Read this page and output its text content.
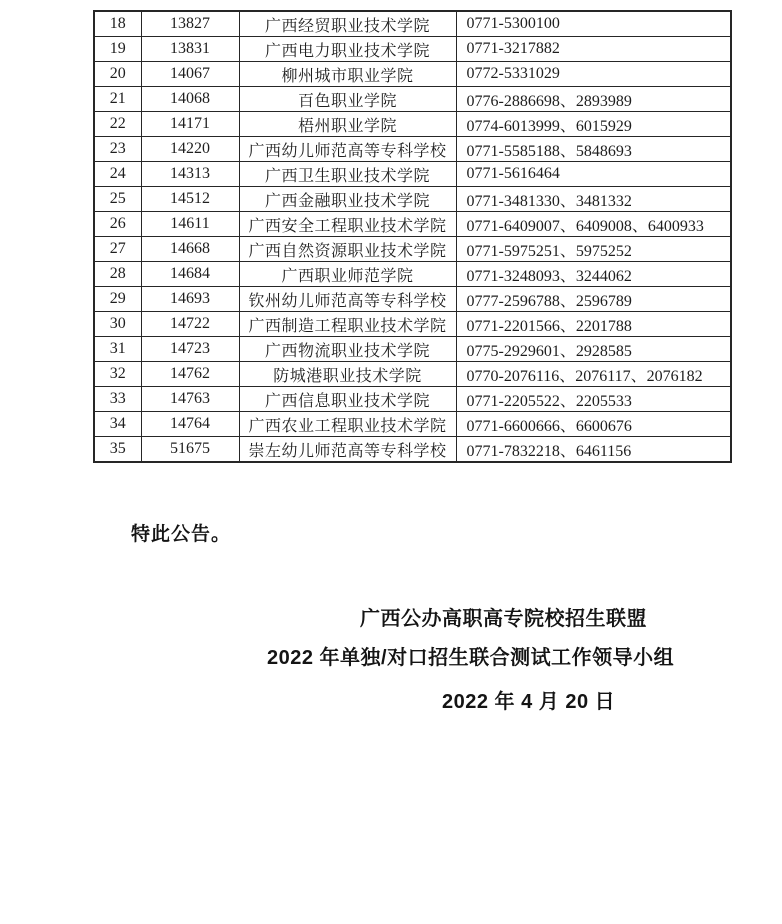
18	13827	广西经贸职业技术学院	0771-5300100
19	13831	广西电力职业技术学院	0771-3217882
20	14067	柳州城市职业学院	0772-5331029
21	14068	百色职业学院	0776-2886698、2893989
22	14171	梧州职业学院	0774-6013999、6015929
23	14220	广西幼儿师范高等专科学校	0771-5585188、5848693
24	14313	广西卫生职业技术学院	0771-5616464
25	14512	广西金融职业技术学院	0771-3481330、3481332
26	14611	广西安全工程职业技术学院	0771-6409007、6409008、6400933
27	14668	广西自然资源职业技术学院	0771-5975251、5975252
28	14684	广西职业师范学院	0771-3248093、3244062
29	14693	钦州幼儿师范高等专科学校	0777-2596788、2596789
30	14722	广西制造工程职业技术学院	0771-2201566、2201788
31	14723	广西物流职业技术学院	0775-2929601、2928585
32	14762	防城港职业技术学院	0770-2076116、2076117、2076182
33	14763	广西信息职业技术学院	0771-2205522、2205533
34	14764	广西农业工程职业技术学院	0771-6600666、6600676
35	51675	崇左幼儿师范高等专科学校	0771-7832218、6461156
特此公告。
广西公办高职高专院校招生联盟
2022 年单独/对口招生联合测试工作领导小组
2022 年 4 月 20 日
